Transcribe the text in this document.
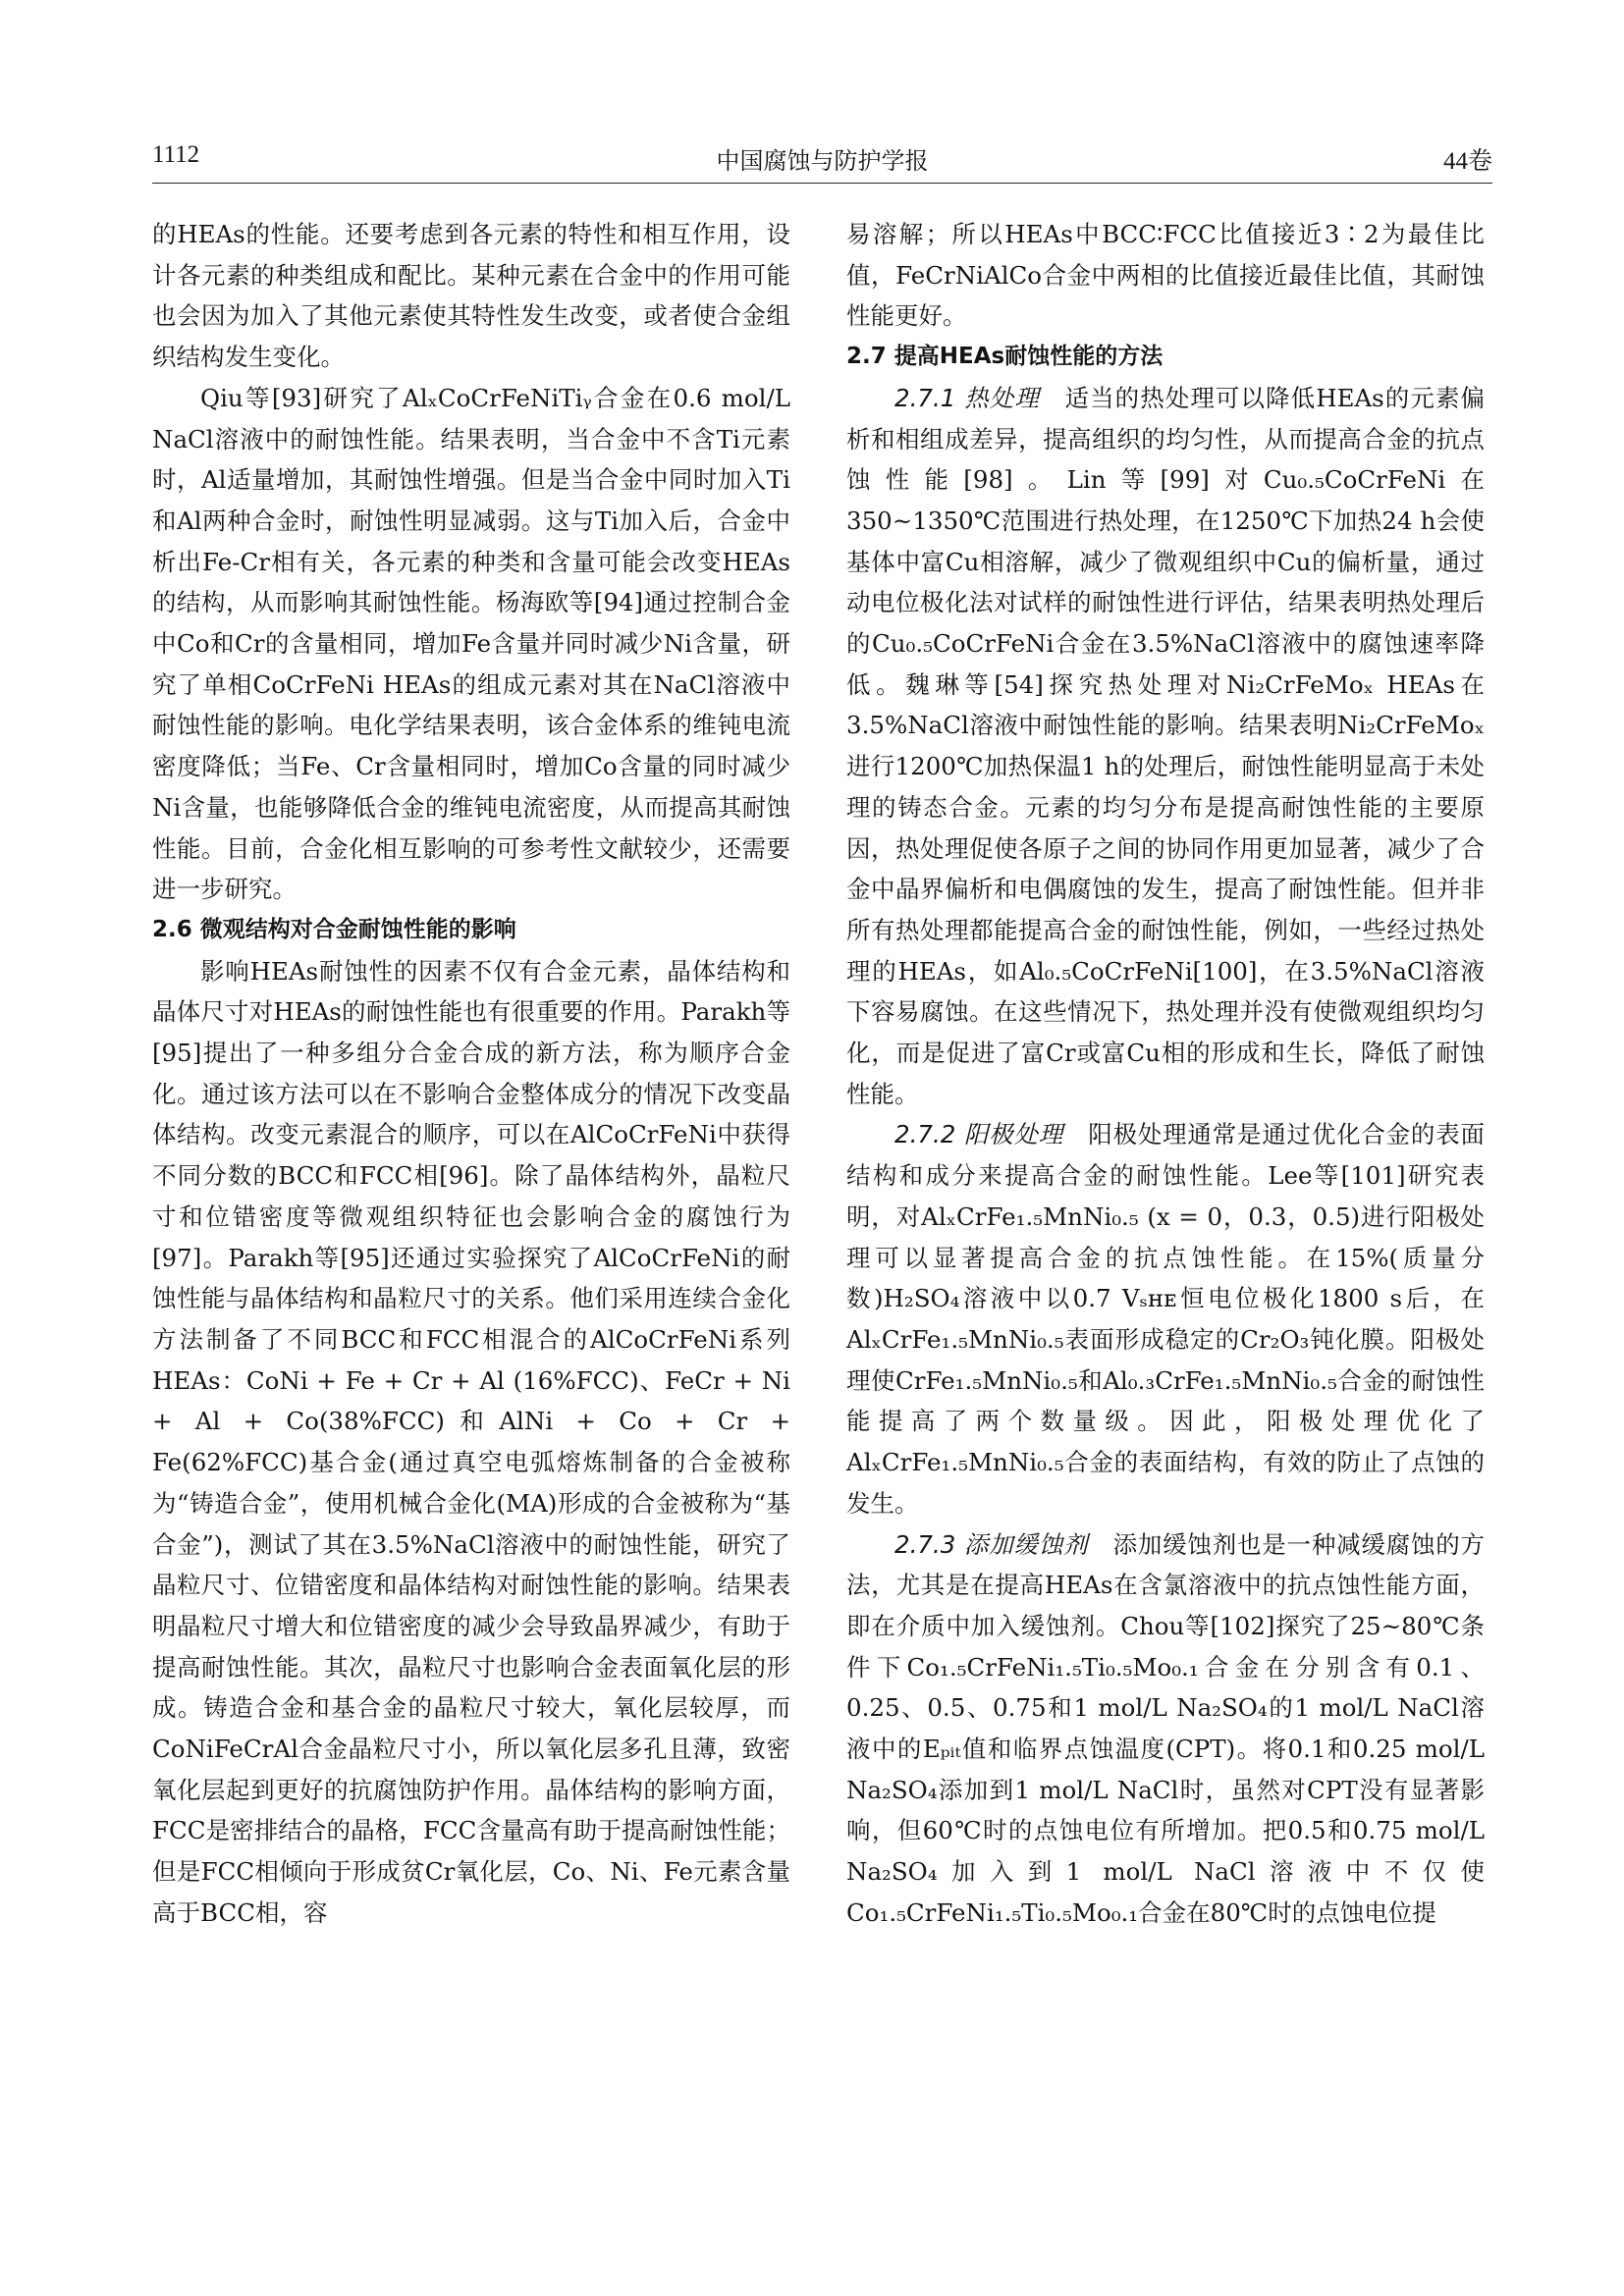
1112	中国腐蚀与防护学报	44卷

的HEAs的性能。还要考虑到各元素的特性和相互作用，设计各元素的种类组成和配比。某种元素在合金中的作用可能也会因为加入了其他元素使其特性发生改变，或者使合金组织结构发生变化。

Qiu等[93]研究了AlₓCoCrFeNiTiᵧ合金在0.6 mol/L NaCl溶液中的耐蚀性能。结果表明，当合金中不含Ti元素时，Al适量增加，其耐蚀性增强。但是当合金中同时加入Ti和Al两种合金时，耐蚀性明显减弱。这与Ti加入后，合金中析出Fe-Cr相有关，各元素的种类和含量可能会改变HEAs的结构，从而影响其耐蚀性能。杨海欧等[94]通过控制合金中Co和Cr的含量相同，增加Fe含量并同时减少Ni含量，研究了单相CoCrFeNi HEAs的组成元素对其在NaCl溶液中耐蚀性能的影响。电化学结果表明，该合金体系的维钝电流密度降低；当Fe、Cr含量相同时，增加Co含量的同时减少Ni含量，也能够降低合金的维钝电流密度，从而提高其耐蚀性能。目前，合金化相互影响的可参考性文献较少，还需要进一步研究。

2.6 微观结构对合金耐蚀性能的影响

影响HEAs耐蚀性的因素不仅有合金元素，晶体结构和晶体尺寸对HEAs的耐蚀性能也有很重要的作用。Parakh等[95]提出了一种多组分合金合成的新方法，称为顺序合金化。通过该方法可以在不影响合金整体成分的情况下改变晶体结构。改变元素混合的顺序，可以在AlCoCrFeNi中获得不同分数的BCC和FCC相[96]。除了晶体结构外，晶粒尺寸和位错密度等微观组织特征也会影响合金的腐蚀行为[97]。Parakh等[95]还通过实验探究了AlCoCrFeNi的耐蚀性能与晶体结构和晶粒尺寸的关系。他们采用连续合金化方法制备了不同BCC和FCC相混合的AlCoCrFeNi系列HEAs：CoNi + Fe + Cr + Al (16%FCC)、FeCr + Ni + Al + Co(38%FCC)和AlNi + Co + Cr + Fe(62%FCC)基合金(通过真空电弧熔炼制备的合金被称为“铸造合金”，使用机械合金化(MA)形成的合金被称为“基合金”)，测试了其在3.5%NaCl溶液中的耐蚀性能，研究了晶粒尺寸、位错密度和晶体结构对耐蚀性能的影响。结果表明晶粒尺寸增大和位错密度的减少会导致晶界减少，有助于提高耐蚀性能。其次，晶粒尺寸也影响合金表面氧化层的形成。铸造合金和基合金的晶粒尺寸较大，氧化层较厚，而CoNiFeCrAl合金晶粒尺寸小，所以氧化层多孔且薄，致密氧化层起到更好的抗腐蚀防护作用。晶体结构的影响方面，FCC是密排结合的晶格，FCC含量高有助于提高耐蚀性能；但是FCC相倾向于形成贫Cr氧化层，Co、Ni、Fe元素含量高于BCC相，容

易溶解；所以HEAs中BCC∶FCC比值接近3∶2为最佳比值，FeCrNiAlCo合金中两相的比值接近最佳比值，其耐蚀性能更好。

2.7 提高HEAs耐蚀性能的方法

2.7.1 热处理  适当的热处理可以降低HEAs的元素偏析和相组成差异，提高组织的均匀性，从而提高合金的抗点蚀性能[98]。Lin等[99]对Cu₀.₅CoCrFeNi在350~1350℃范围进行热处理，在1250℃下加热24 h会使基体中富Cu相溶解，减少了微观组织中Cu的偏析量，通过动电位极化法对试样的耐蚀性进行评估，结果表明热处理后的Cu₀.₅CoCrFeNi合金在3.5%NaCl溶液中的腐蚀速率降低。魏琳等[54]探究热处理对Ni₂CrFeMoₓ HEAs在3.5%NaCl溶液中耐蚀性能的影响。结果表明Ni₂CrFeMoₓ进行1200℃加热保温1 h的处理后，耐蚀性能明显高于未处理的铸态合金。元素的均匀分布是提高耐蚀性能的主要原因，热处理促使各原子之间的协同作用更加显著，减少了合金中晶界偏析和电偶腐蚀的发生，提高了耐蚀性能。但并非所有热处理都能提高合金的耐蚀性能，例如，一些经过热处理的HEAs，如Al₀.₅CoCrFeNi[100]，在3.5%NaCl溶液下容易腐蚀。在这些情况下，热处理并没有使微观组织均匀化，而是促进了富Cr或富Cu相的形成和生长，降低了耐蚀性能。

2.7.2 阳极处理  阳极处理通常是通过优化合金的表面结构和成分来提高合金的耐蚀性能。Lee等[101]研究表明，对AlₓCrFe₁.₅MnNi₀.₅ (x = 0，0.3，0.5)进行阳极处理可以显著提高合金的抗点蚀性能。在15%(质量分数)H₂SO₄溶液中以0.7 Vₛʜᴇ恒电位极化1800 s后，在AlₓCrFe₁.₅MnNi₀.₅表面形成稳定的Cr₂O₃钝化膜。阳极处理使CrFe₁.₅MnNi₀.₅和Al₀.₃CrFe₁.₅MnNi₀.₅合金的耐蚀性能提高了两个数量级。因此，阳极处理优化了AlₓCrFe₁.₅MnNi₀.₅合金的表面结构，有效的防止了点蚀的发生。

2.7.3 添加缓蚀剂  添加缓蚀剂也是一种减缓腐蚀的方法，尤其是在提高HEAs在含氯溶液中的抗点蚀性能方面，即在介质中加入缓蚀剂。Chou等[102]探究了25~80℃条件下Co₁.₅CrFeNi₁.₅Ti₀.₅Mo₀.₁合金在分别含有0.1、0.25、0.5、0.75和1 mol/L Na₂SO₄的1 mol/L NaCl溶液中的Eₚᵢₜ值和临界点蚀温度(CPT)。将0.1和0.25 mol/L Na₂SO₄添加到1 mol/L NaCl时，虽然对CPT没有显著影响，但60℃时的点蚀电位有所增加。把0.5和0.75 mol/L Na₂SO₄加入到1 mol/L NaCl溶液中不仅使Co₁.₅CrFeNi₁.₅Ti₀.₅Mo₀.₁合金在80℃时的点蚀电位提
